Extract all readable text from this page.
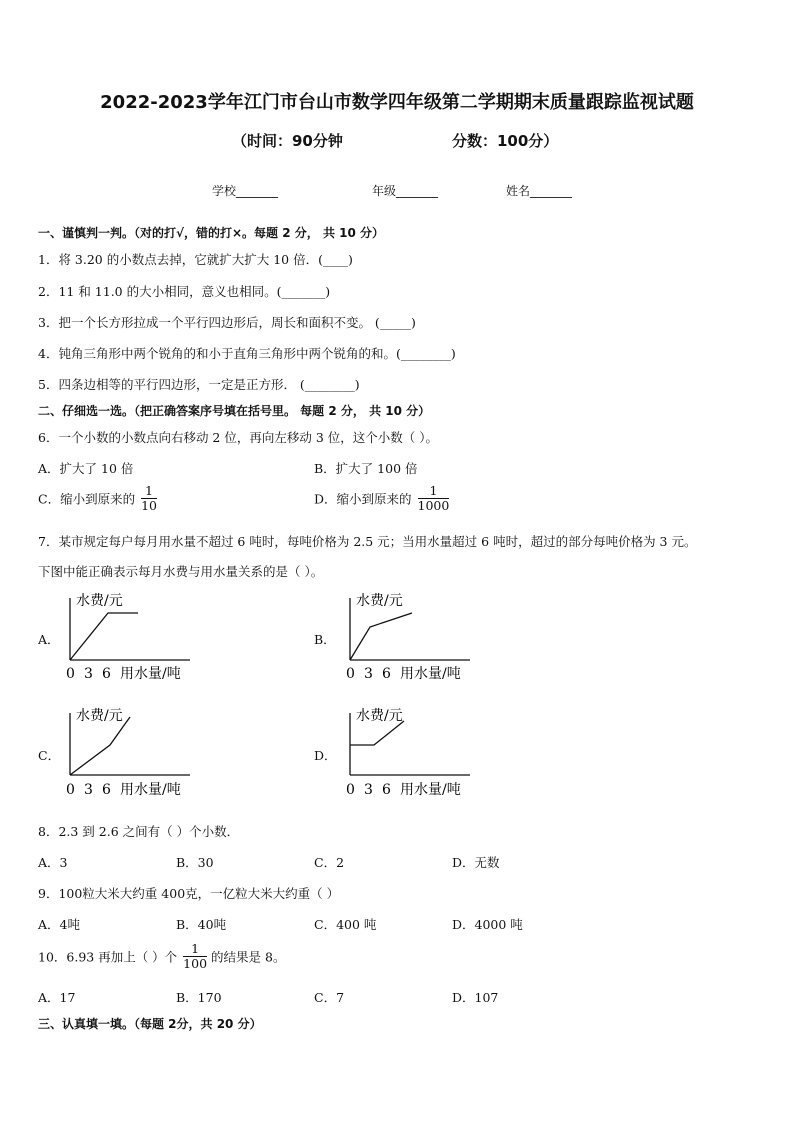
2022-2023学年江门市台山市数学四年级第二学期期末质量跟踪监视试题
（时间：90分钟	分数：100分）
学校_______	年级_______	姓名_______
一、谨慎判一判。（对的打√，错的打×。每题 2 分， 共 10 分）
1．将 3.20 的小数点去掉，它就扩大扩大 10 倍．(____)
2．11 和 11.0 的大小相同，意义也相同。(_______)
3．把一个长方形拉成一个平行四边形后，周长和面积不变。 (_____)
4．钝角三角形中两个锐角的和小于直角三角形中两个锐角的和。(________)
5．四条边相等的平行四边形，一定是正方形． (________)
二、仔细选一选。（把正确答案序号填在括号里。 每题 2 分， 共 10 分）
6．一个小数的小数点向右移动 2 位，再向左移动 3 位，这个小数（ ）。
A．扩大了 10 倍	B．扩大了 100 倍
C．缩小到原来的 $\frac{1}{10}$	D．缩小到原来的 $\frac{1}{1000}$
7．某市规定每户每月用水量不超过 6 吨时，每吨价格为 2.5 元；当用水量超过 6 吨时，超过的部分每吨价格为 3 元。
下图中能正确表示每月水费与用水量关系的是（ ）。
A．
水费/元
0 3 6 用水量/吨
B．
水费/元
0 3 6 用水量/吨
C．
水费/元
0 3 6 用水量/吨
D．
水费/元
0 3 6 用水量/吨
8．2.3 到 2.6 之间有（ ）个小数．
A．3	B．30	C．2	D．无数
9．100粒大米大约重 400克，一亿粒大米大约重（ ）
A．4吨	B．40吨	C．400 吨	D．4000 吨
10．6.93 再加上（ ）个 $\frac{1}{100}$ 的结果是 8。
A．17	B．170	C．7	D．107
三、认真填一填。（每题 2分，共 20 分）
